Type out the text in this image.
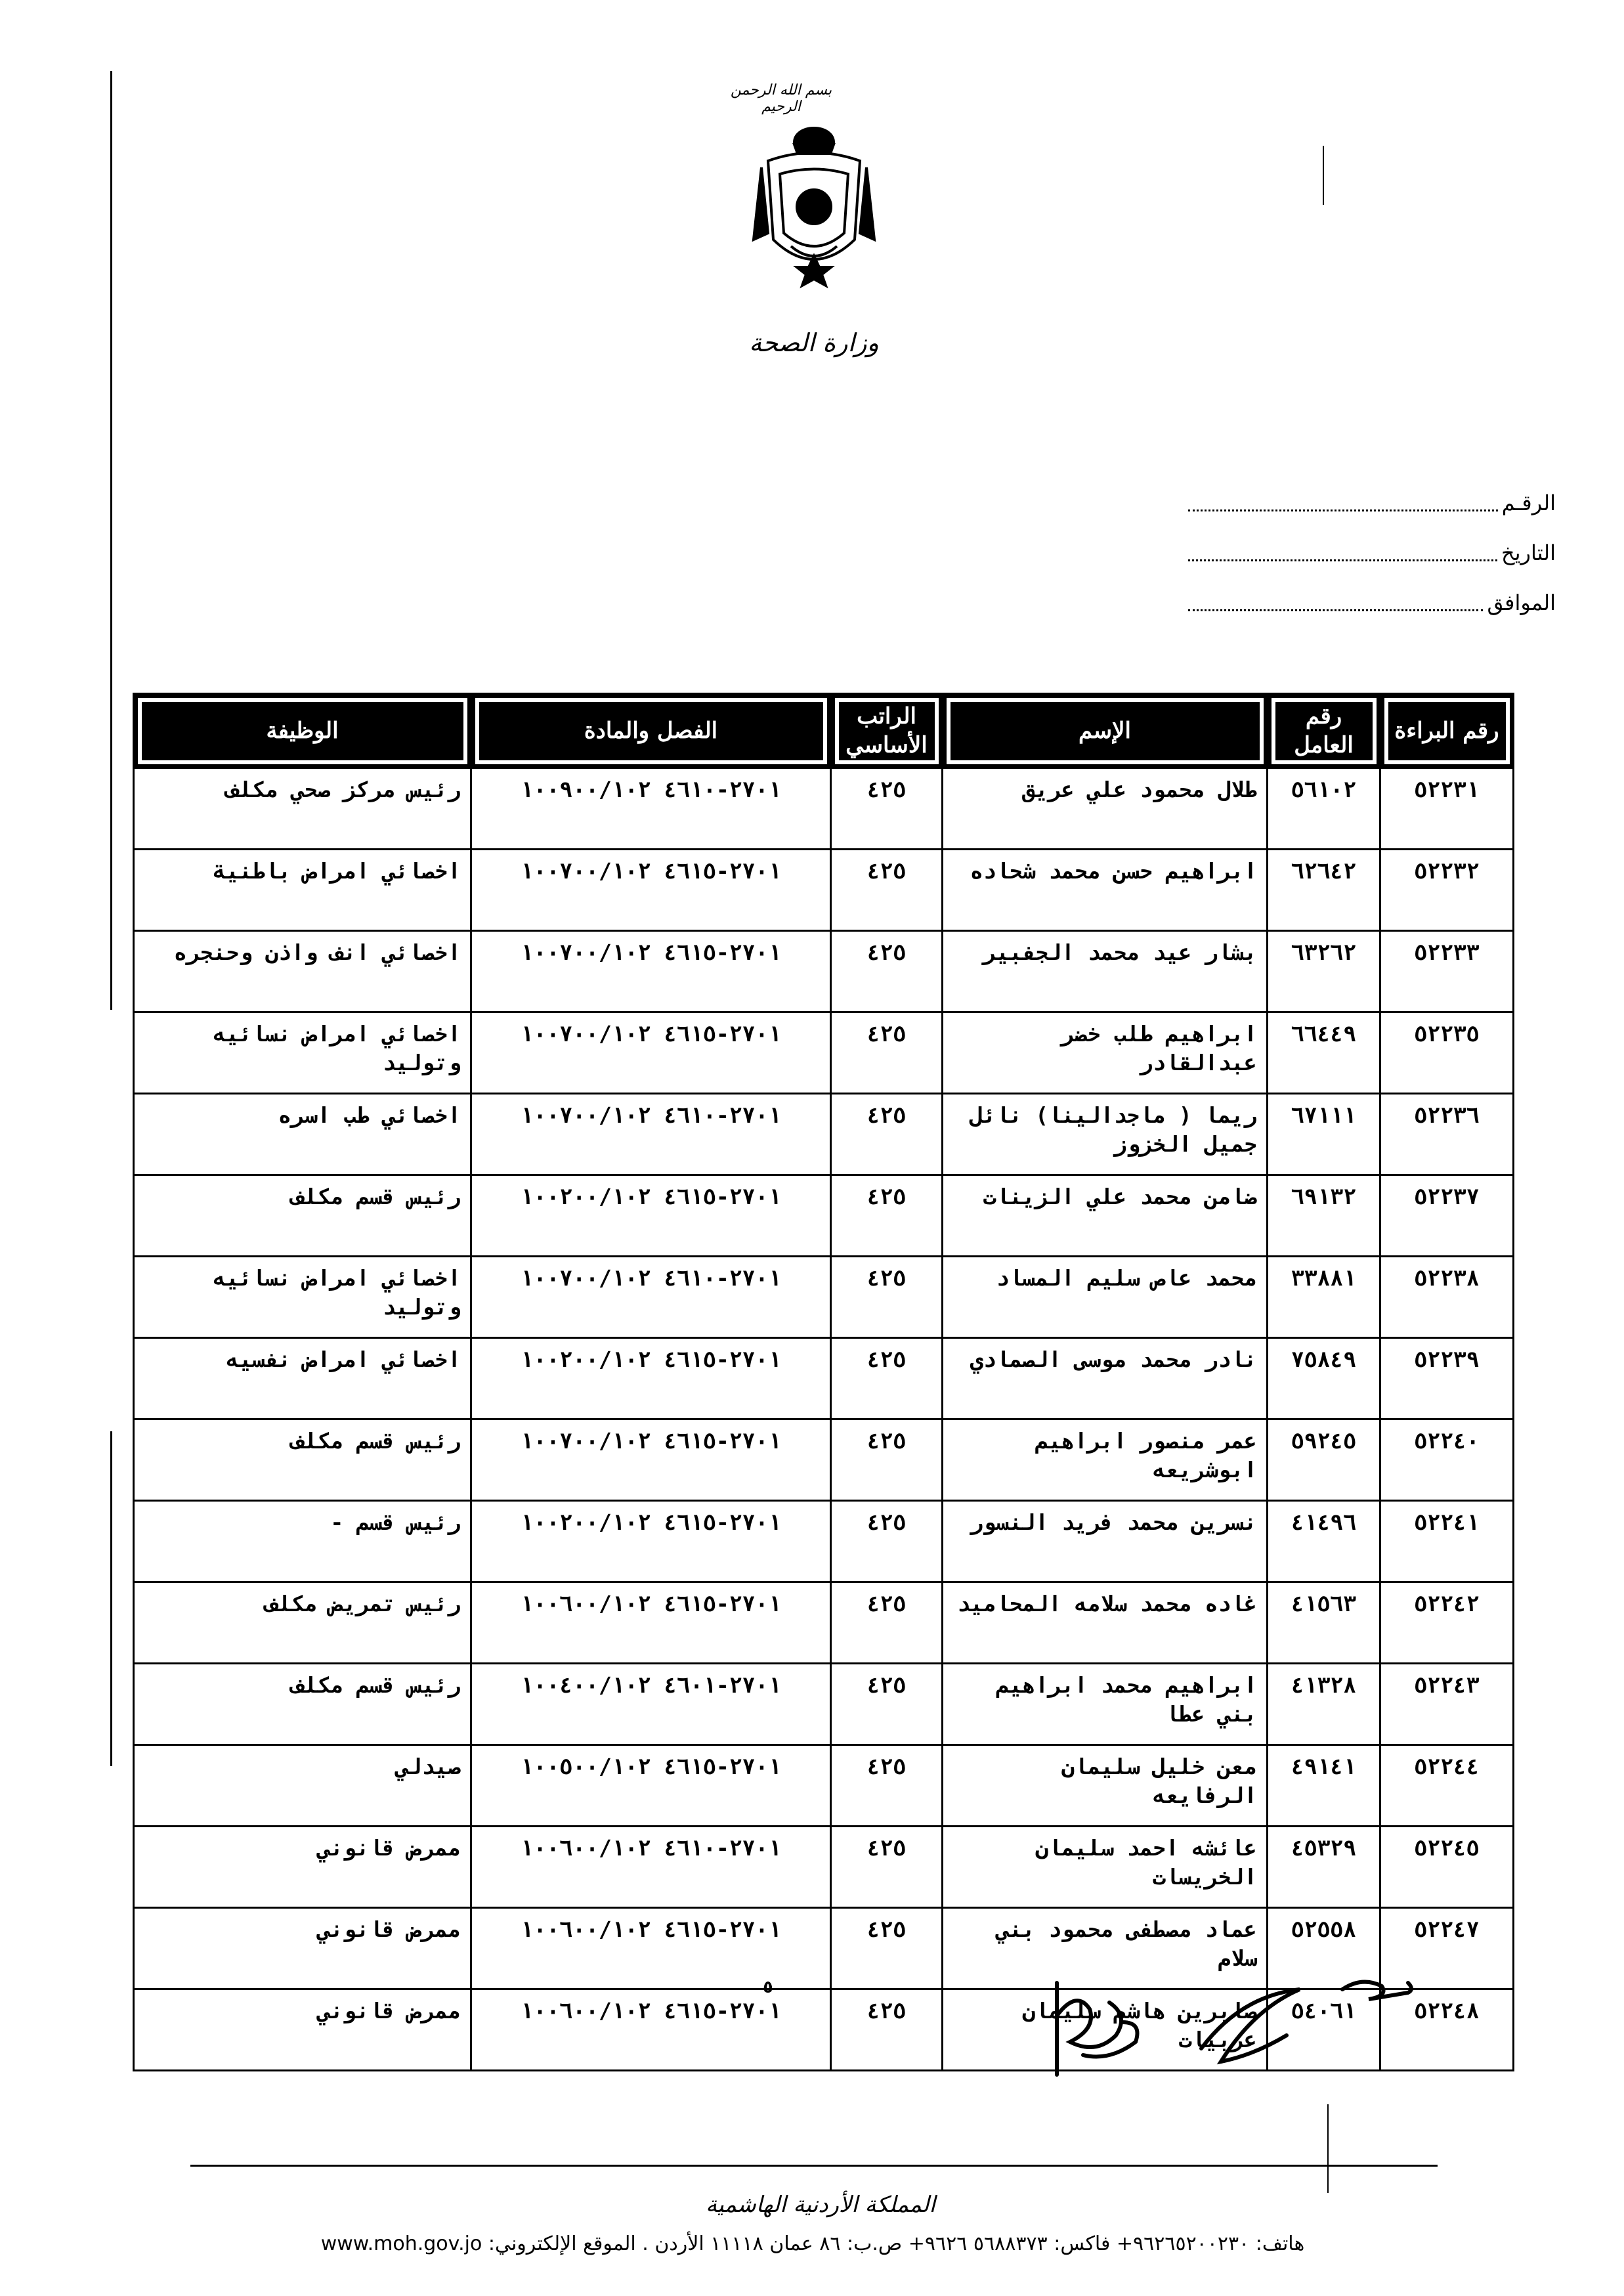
بسم الله الرحمن الرحيم
وزارة الصحة
الرقـم
التاريخ
الموافق
رقم البراءة	رقم العامل	الإسم	الراتب الأساسي	الفصل والمادة	الوظيفة
٥٢٢٣١	٥٦١٠٢	طلال محمود علي عريق	٤٢٥	٢٧٠١-٤٦١٠ ١٠٠٩٠٠/١٠٢	رئيس مركز صحي مكلف
٥٢٢٣٢	٦٢٦٤٢	ابراهيم حسن محمد شحاده	٤٢٥	٢٧٠١-٤٦١٥ ١٠٠٧٠٠/١٠٢	اخصائي امراض باطنية
٥٢٢٣٣	٦٣٢٦٢	بشار عيد محمد الجفبير	٤٢٥	٢٧٠١-٤٦١٥ ١٠٠٧٠٠/١٠٢	اخصائي انف واذن وحنجره
٥٢٢٣٥	٦٦٤٤٩	ابراهيم طلب خضر عبدالقادر	٤٢٥	٢٧٠١-٤٦١٥ ١٠٠٧٠٠/١٠٢	اخصائي امراض نسائيه وتوليد
٥٢٢٣٦	٦٧١١١	ريما ( ماجدالينا) نائل جميل الخزوز	٤٢٥	٢٧٠١-٤٦١٠ ١٠٠٧٠٠/١٠٢	اخصائي طب اسره
٥٢٢٣٧	٦٩١٣٢	ضامن محمد علي الزينات	٤٢٥	٢٧٠١-٤٦١٥ ١٠٠٢٠٠/١٠٢	رئيس قسم مكلف
٥٢٢٣٨	٣٣٨٨١	محمد عاص سليم المساد	٤٢٥	٢٧٠١-٤٦١٠ ١٠٠٧٠٠/١٠٢	اخصائي امراض نسائيه وتوليد
٥٢٢٣٩	٧٥٨٤٩	نادر محمد موسى الصمادي	٤٢٥	٢٧٠١-٤٦١٥ ١٠٠٢٠٠/١٠٢	اخصائي امراض نفسيه
٥٢٢٤٠	٥٩٢٤٥	عمر منصور ابراهيم ابوشريعه	٤٢٥	٢٧٠١-٤٦١٥ ١٠٠٧٠٠/١٠٢	رئيس قسم مكلف
٥٢٢٤١	٤١٤٩٦	نسرين محمد فريد النسور	٤٢٥	٢٧٠١-٤٦١٥ ١٠٠٢٠٠/١٠٢	رئيس قسم -
٥٢٢٤٢	٤١٥٦٣	غاده محمد سلامه المحاميد	٤٢٥	٢٧٠١-٤٦١٥ ١٠٠٦٠٠/١٠٢	رئيس تمريض مكلف
٥٢٢٤٣	٤١٣٢٨	ابراهيم محمد ابراهيم بني عطا	٤٢٥	٢٧٠١-٤٦٠١ ١٠٠٤٠٠/١٠٢	رئيس قسم مكلف
٥٢٢٤٤	٤٩١٤١	معن خليل سليمان الرفايعه	٤٢٥	٢٧٠١-٤٦١٥ ١٠٠٥٠٠/١٠٢	صيدلي
٥٢٢٤٥	٤٥٣٢٩	عائشه احمد سليمان الخريسات	٤٢٥	٢٧٠١-٤٦١٠ ١٠٠٦٠٠/١٠٢	ممرض قانوني
٥٢٢٤٧	٥٢٥٥٨	عماد مصطفى محمود بني سلام	٤٢٥	٢٧٠١-٤٦١٥ ١٠٠٦٠٠/١٠٢	ممرض قانوني
٥٢٢٤٨	٥٤٠٦١	صابرين هاشم سليمان عربيات	٤٢٥	٢٧٠١-٤٦١٥ ١٠٠٦٠٠/١٠٢	ممرض قانوني
٥
المملكة الأردنية الهاشمية
هاتف: ٩٦٢٦٥٢٠٠٢٣٠+ فاكس: ٥٦٨٨٣٧٣ ٩٦٢٦+ ص.ب: ٨٦ عمان ١١١١٨ الأردن . الموقع الإلكتروني: www.moh.gov.jo
